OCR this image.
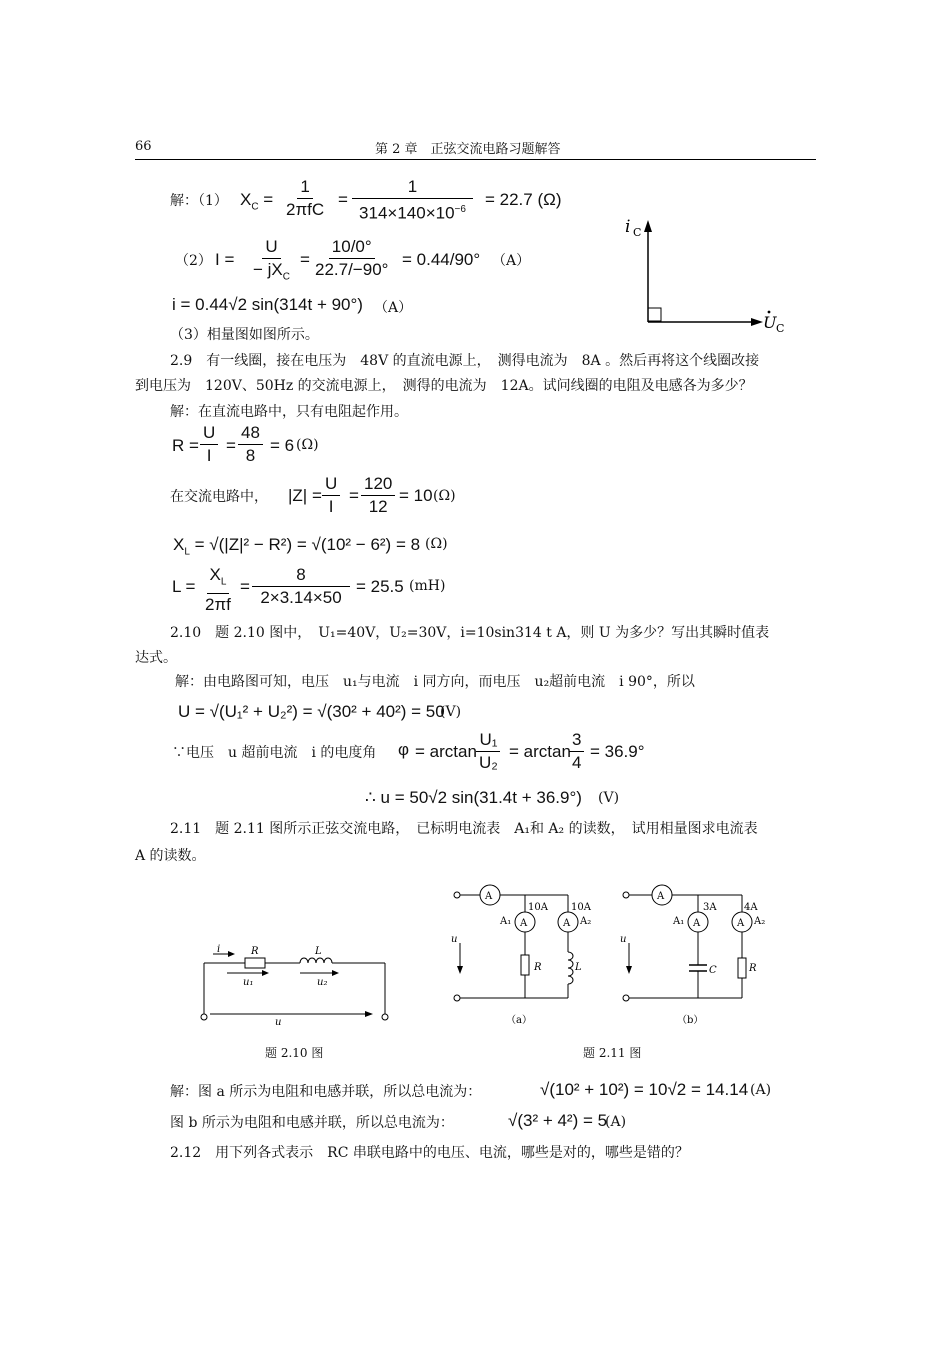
66	第 2 章　正弦交流电路习题解答
解：（1） $X_C$ =
1
2πfC
= $\frac{1}{314\times 140\times 10^{-6}} = 22.7$ (Ω)
（2） I =
U
− $jX_C$
= $\frac{10/0^\circ}{22.7/-90^\circ} = 0.44/90^\circ$ （A）
i = 0.44√2 sin(314t + 90°) （A）
（3）相量图如图所示。
i C
U C
2.9　有一线圈，接在电压为　48V 的直流电源上，　测得电流为　8A 。然后再将这个线圈改接
到电压为　120V、50Hz 的交流电源上，　测得的电流为　12A。试问线圈的电阻及电感各为多少？
解：在直流电路中，只有电阻起作用。
$R = \frac{U}{I} = \frac{48}{8} = 6$ (Ω)
在交流电路中， $|Z| = \frac{U}{I} = \frac{120}{12} = 10$ (Ω)
$X_L = √(|Z|^2 - R^2) = √(10^2 - 6^2) = 8$ (Ω)
$L = \frac{X_L}{2\pi f} = \frac{8}{2\times 3.14\times 50} = 25.5$ (mH)
2.10　题 2.10 图中，　U₁=40V，U₂=30V，i=10sin314 t A，则 U 为多少？写出其瞬时值表
达式。
解：由电路图可知，电压　u₁与电流　i 同方向，而电压　u₂超前电流　i 90°，所以
U = √(U₁² + U₂²) = √(30² + 40²) = 50
(V)
∵电压　u 超前电流　i 的电度角 $\varphi = \arctan \frac{\text{U₁}}{\text{U₂}} = \arctan$
$\frac{3}{4} = 36.9^\circ$
∴ u = 50√2 sin(31.4t + 36.9°) (V)
2.11　题 2.11 图所示正弦交流电路，　已标明电流表　A₁和 A₂ 的读数，　试用相量图求电流表
A 的读数。
i	R	L
u₁	u₂
u
A
A	A
A₁	A₂
10A 10A
R	L
u
（a）
A
A	A
A₁	A₂
3A	4A
C	R
u
（b）
题 2.10 图	题 2.11 图
解：图 a 所示为电阻和电感并联，所以总电流为：	√(10² + 10²) = 10√2 = 14.14 (A)
图 b 所示为电阻和电感并联，所以总电流为：	√(3² + 4²) = 5
(A)
2.12　用下列各式表示　RC 串联电路中的电压、电流，哪些是对的，哪些是错的？
